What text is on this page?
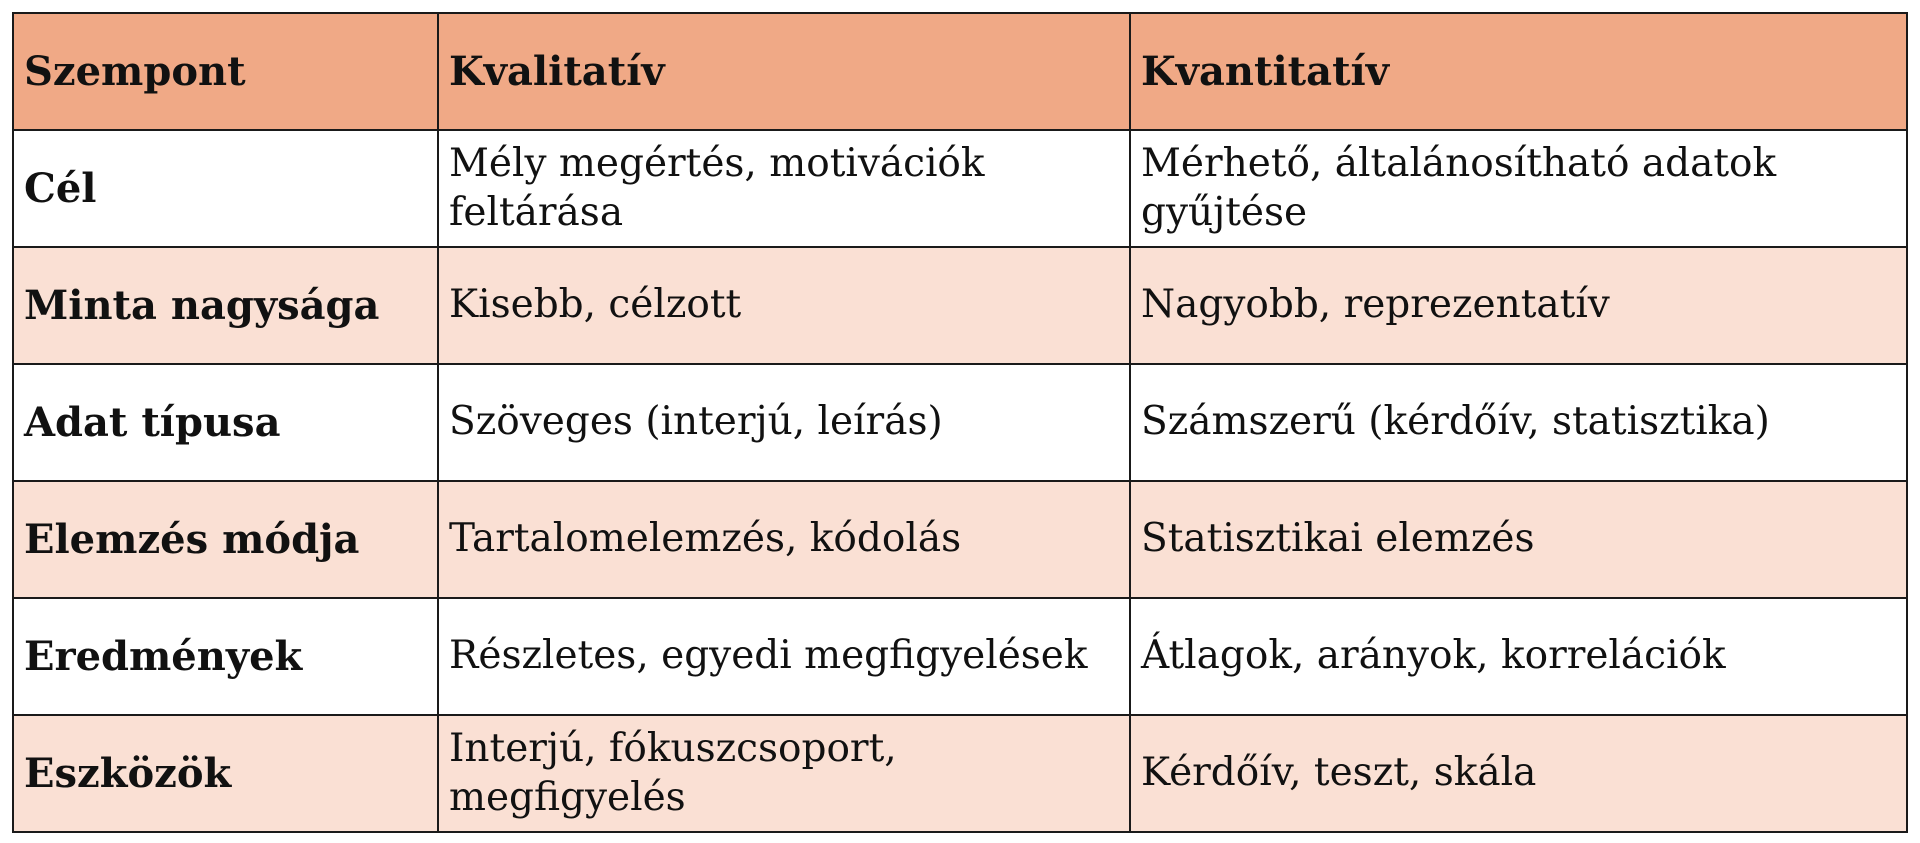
Szempont	Kvalitatív	Kvantitatív
Cél	Mély megértés, motivációk feltárása	Mérhető, általánosítható adatok gyűjtése
Minta nagysága	Kisebb, célzott	Nagyobb, reprezentatív
Adat típusa	Szöveges (interjú, leírás)	Számszerű (kérdőív, statisztika)
Elemzés módja	Tartalomelemzés, kódolás	Statisztikai elemzés
Eredmények	Részletes, egyedi megfigyelések	Átlagok, arányok, korrelációk
Eszközök	Interjú, fókuszcsoport, megfigyelés	Kérdőív, teszt, skála
